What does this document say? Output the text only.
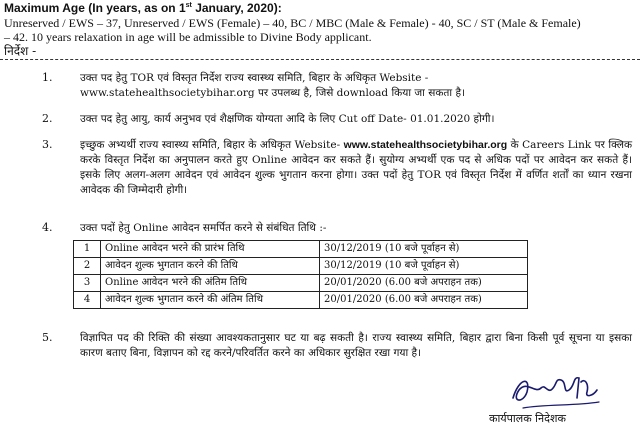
Maximum Age (In years, as on 1st January, 2020):
Unreserved / EWS – 37, Unreserved / EWS (Female) – 40, BC / MBC (Male & Female) - 40, SC / ST (Male & Female)
– 42. 10 years relaxation in age will be admissible to Divine Body applicant.
निर्देश -
1.	उक्त पद हेतु TOR एवं विस्तृत निर्देश राज्य स्वास्थ्य समिति, बिहार के अधिकृत Website -
www.statehealthsocietybihar.org पर उपलब्ध है, जिसे download किया जा सकता है।
2.	उक्त पद हेतु आयु, कार्य अनुभव एवं शैक्षणिक योग्यता आदि के लिए Cut off Date- 01.01.2020 होगी।
3.	इच्छुक अभ्यर्थी राज्य स्वास्थ्य समिति, बिहार के अधिकृत Website- www.statehealthsocietybihar.org के Careers Link पर क्लिक करके विस्तृत निर्देश का अनुपालन करते हुए Online आवेदन कर सकते हैं। सुयोग्य अभ्यर्थी एक पद से अधिक पदों पर आवेदन कर सकते हैं। इसके लिए अलग-अलग आवेदन एवं आवेदन शुल्क भुगतान करना होगा। उक्त पदों हेतु TOR एवं विस्तृत निर्देश में वर्णित शर्तों का ध्यान रखना आवेदक की जिम्मेदारी होगी।
4.	उक्त पदों हेतु Online आवेदन समर्पित करने से संबंधित तिथि :-
1	Online आवेदन भरने की प्रारंभ तिथि	30/12/2019 (10 बजे पूर्वाहन से)
2	आवेदन शुल्क भुगतान करने की तिथि	30/12/2019 (10 बजे पूर्वाहन से)
3	Online आवेदन भरने की अंतिम तिथि	20/01/2020 (6.00 बजे अपराहन तक)
4	आवेदन शुल्क भुगतान करने की अंतिम तिथि	20/01/2020 (6.00 बजे अपराहन तक)
5.	विज्ञापित पद की रिक्ति की संख्या आवश्यकतानुसार घट या बढ़ सकती है। राज्य स्वास्थ्य समिति, बिहार द्वारा बिना किसी पूर्व सूचना या इसका कारण बताए बिना, विज्ञापन को रद्द करने/परिवर्तित करने का अधिकार सुरक्षित रखा गया है।
कार्यपालक निदेशक
